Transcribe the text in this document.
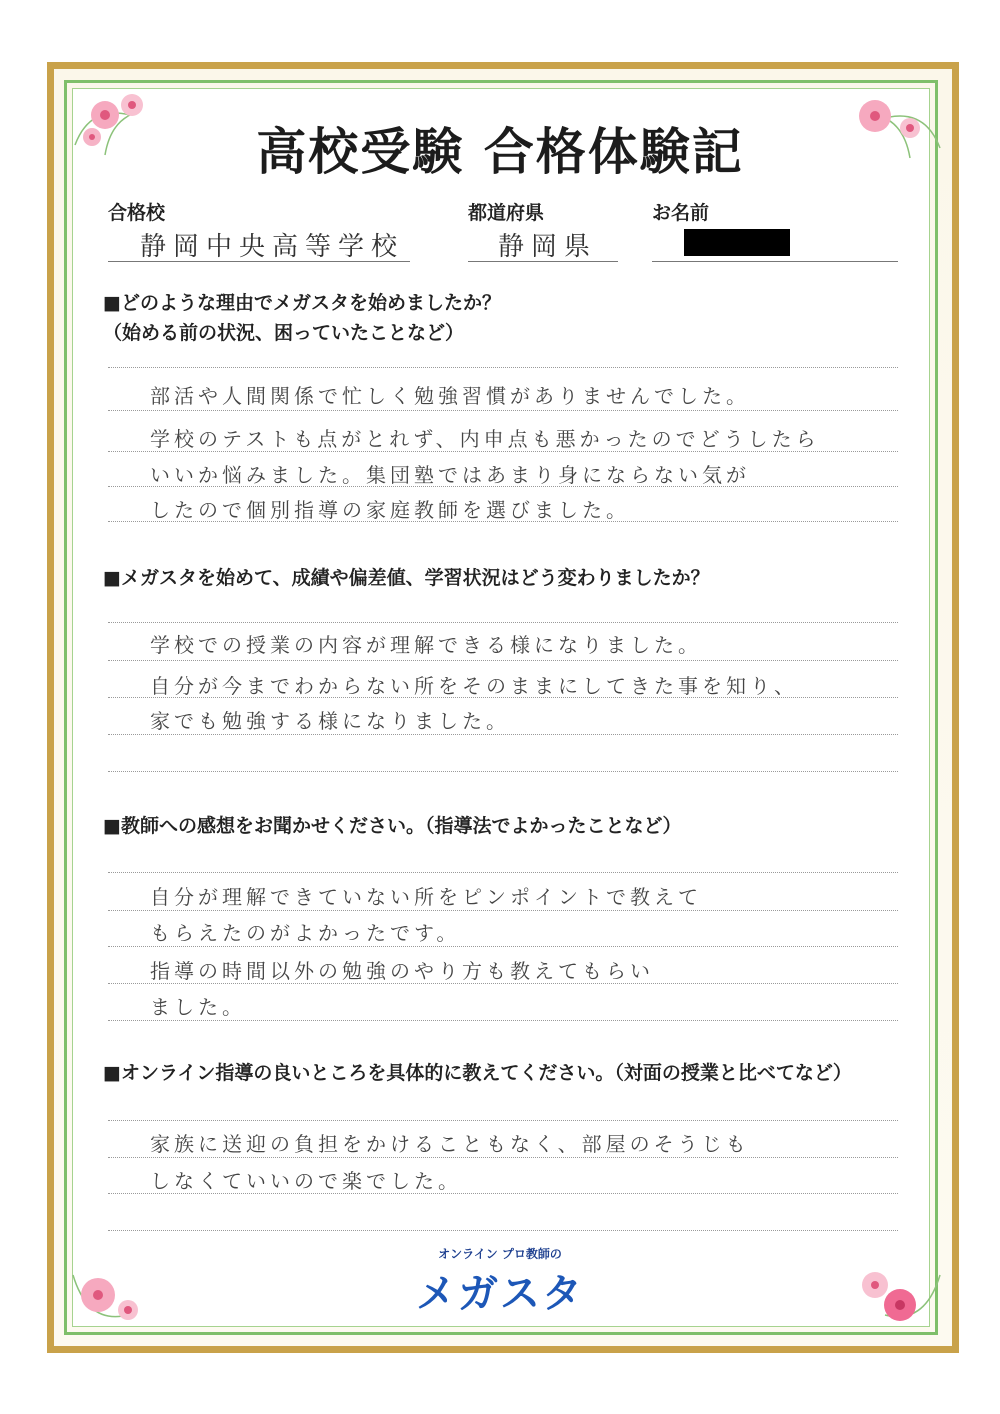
高校受験 合格体験記
合格校
静岡中央高等学校
都道府県
静岡県
お名前
■どのような理由でメガスタを始めましたか？
（始める前の状況、困っていたことなど）
部活や人間関係で忙しく勉強習慣がありませんでした。
学校のテストも点がとれず、内申点も悪かったのでどうしたら
いいか悩みました。集団塾ではあまり身にならない気が
したので個別指導の家庭教師を選びました。
■メガスタを始めて、成績や偏差値、学習状況はどう変わりましたか？
学校での授業の内容が理解できる様になりました。
自分が今までわからない所をそのままにしてきた事を知り、
家でも勉強する様になりました。
■教師への感想をお聞かせください。（指導法でよかったことなど）
自分が理解できていない所をピンポイントで教えて
もらえたのがよかったです。
指導の時間以外の勉強のやり方も教えてもらい
ました。
■オンライン指導の良いところを具体的に教えてください。（対面の授業と比べてなど）
家族に送迎の負担をかけることもなく、部屋のそうじも
しなくていいので楽でした。
オンライン プロ教師の
メガスタ
